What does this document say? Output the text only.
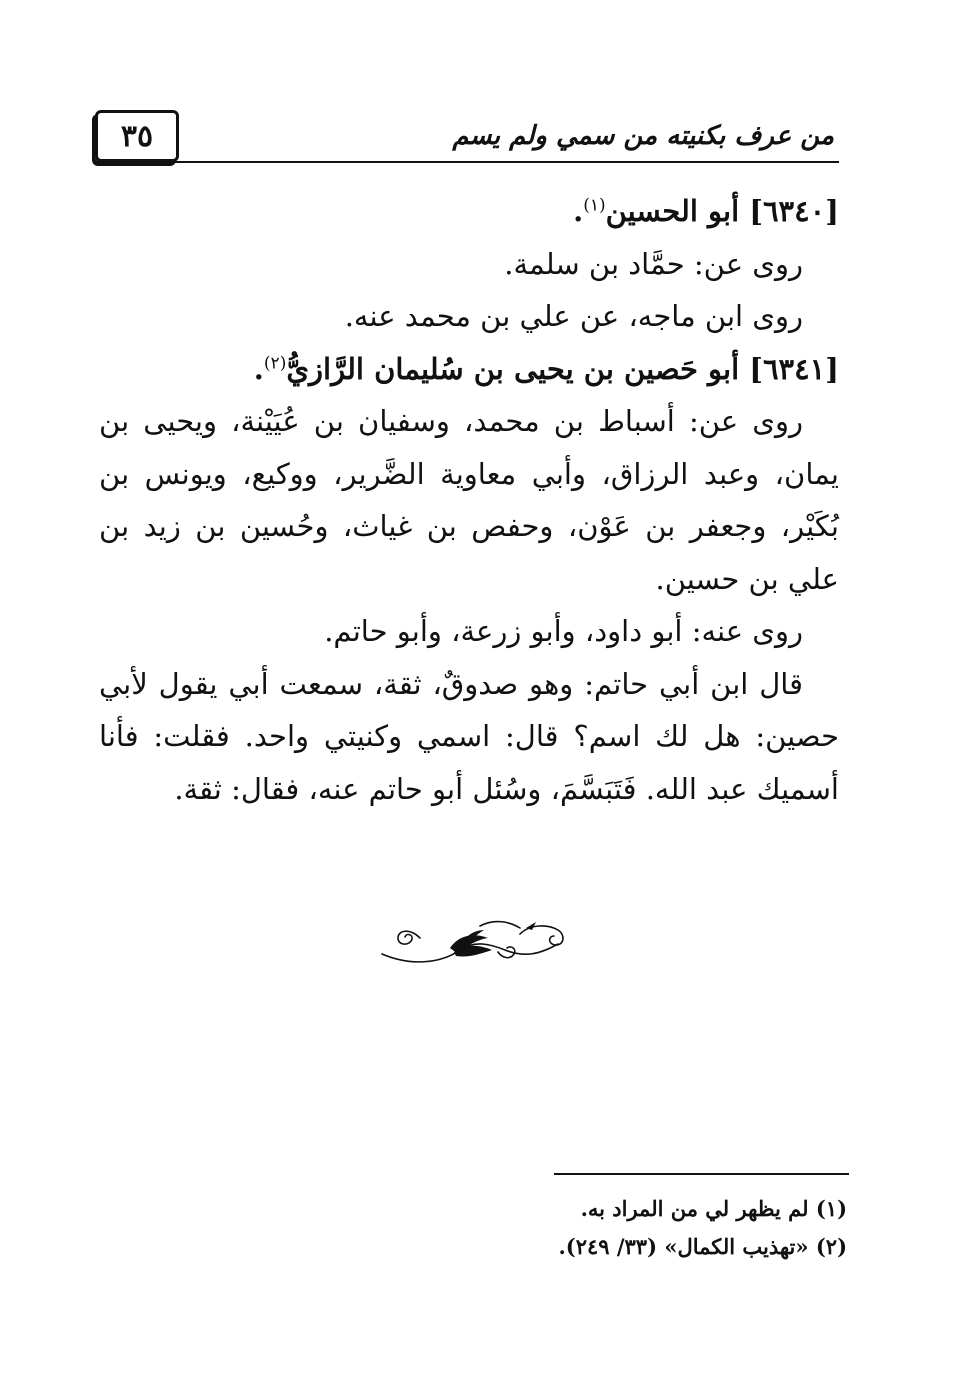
٣٥	من عرف بكنيته من سمي ولم يسم
[٦٣٤٠] أبو الحسين$^{(١)}$.
روى عن: حمَّاد بن سلمة.
روى ابن ماجه، عن علي بن محمد عنه.
[٦٣٤١] أبو حَصين بن يحيى بن سُليمان الرَّازيُّ$^{(٢)}$.
روى عن: أسباط بن محمد، وسفيان بن عُيَيْنة، ويحيى بن يمان، وعبد الرزاق، وأبي معاوية الضَّرير، ووكيع، ويونس بن بُكَيْر، وجعفر بن عَوْن، وحفص بن غياث، وحُسين بن زيد بن علي بن حسين.
روى عنه: أبو داود، وأبو زرعة، وأبو حاتم.
قال ابن أبي حاتم: وهو صدوقٌ، ثقة، سمعت أبي يقول لأبي حصين: هل لك اسم؟ قال: اسمي وكنيتي واحد. فقلت: فأنا أسميك عبد الله. فَتَبَسَّمَ، وسُئل أبو حاتم عنه، فقال: ثقة.
(١) لم يظهر لي من المراد به.
(٢) «تهذيب الكمال» (٣٣/ ٢٤٩).
